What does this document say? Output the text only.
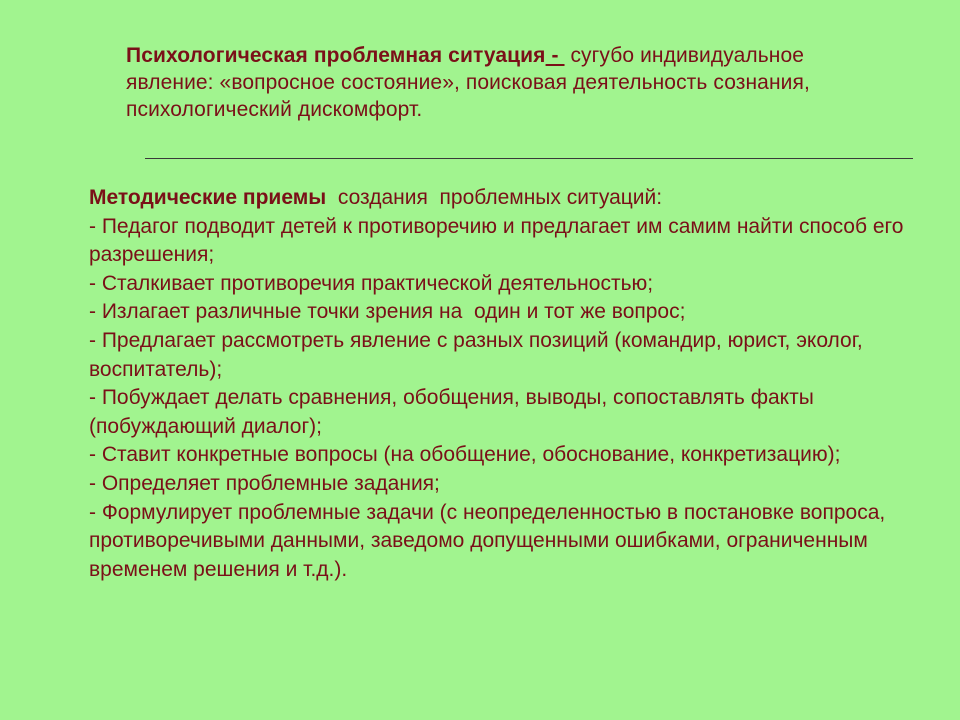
Психологическая проблемная ситуация -  сугубо индивидуальное явление: «вопросное состояние», поисковая деятельность сознания, психологический дискомфорт.
Методические приемы  создания  проблемных ситуаций:
- Педагог подводит детей к противоречию и предлагает им самим найти способ его разрешения;
- Сталкивает противоречия практической деятельностью;
- Излагает различные точки зрения на  один и тот же вопрос;
- Предлагает рассмотреть явление с разных позиций (командир, юрист, эколог, воспитатель);
- Побуждает делать сравнения, обобщения, выводы, сопоставлять факты (побуждающий диалог);
- Ставит конкретные вопросы (на обобщение, обоснование, конкретизацию);
- Определяет проблемные задания;
- Формулирует проблемные задачи (с неопределенностью в постановке вопроса, противоречивыми данными, заведомо допущенными ошибками, ограниченным временем решения и т.д.).
